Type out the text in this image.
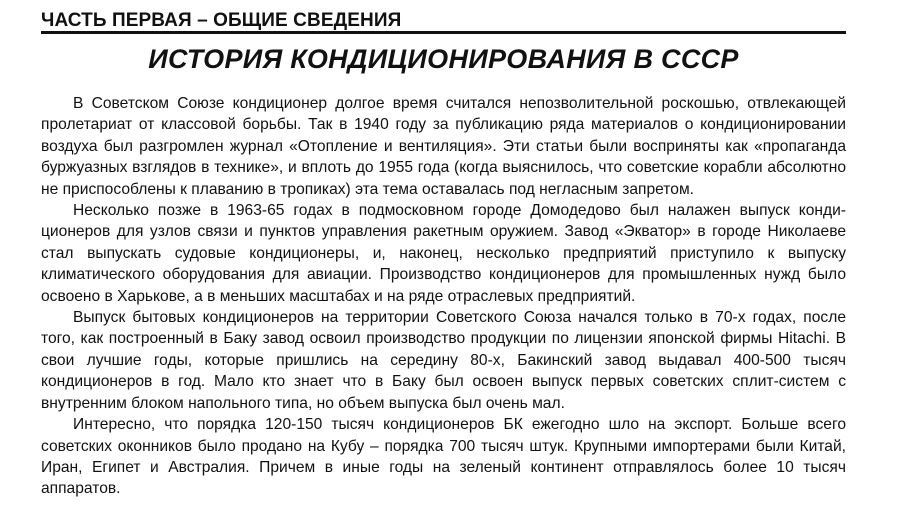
ЧАСТЬ ПЕРВАЯ – ОБЩИЕ СВЕДЕНИЯ
ИСТОРИЯ КОНДИЦИОНИРОВАНИЯ В СССР

В Советском Союзе кондиционер долгое время считался непозволительной роскошью, отвлекающей пролетариат от классовой борьбы. Так в 1940 году за публикацию ряда материалов о кондиционировании воздуха был разгромлен журнал «Отопление и вентиляция». Эти статьи были восприняты как «пропаганда буржуазных взглядов в технике», и вплоть до 1955 года (когда выяснилось, что советские корабли абсолютно не приспособлены к плаванию в тропиках) эта тема оставалась под негласным запретом.

Несколько позже в 1963-65 годах в подмосковном городе Домодедово был налажен выпуск кондиционеров для узлов связи и пунктов управления ракетным оружием. Завод «Экватор» в городе Николаеве стал выпускать судовые кондиционеры, и, наконец, несколько предприятий приступило к выпуску климатического оборудования для авиации. Производство кондиционеров для промышленных нужд было освоено в Харькове, а в меньших масштабах и на ряде отраслевых предприятий.

Выпуск бытовых кондиционеров на территории Советского Союза начался только в 70-х годах, после того, как построенный в Баку завод освоил производство продукции по лицензии японской фирмы Hitachi. В свои лучшие годы, которые пришлись на середину 80-х, Бакинский завод выдавал 400-500 тысяч кондиционеров в год. Мало кто знает что в Баку был освоен выпуск первых советских сплит-систем с внутренним блоком напольного типа, но объем выпуска был очень мал.

Интересно, что порядка 120-150 тысяч кондиционеров БК ежегодно шло на экспорт. Больше всего советских оконников было продано на Кубу – порядка 700 тысяч штук. Крупными импортерами были Китай, Иран, Египет и Австралия. Причем в иные годы на зеленый континент отправлялось более 10 тысяч аппаратов.
